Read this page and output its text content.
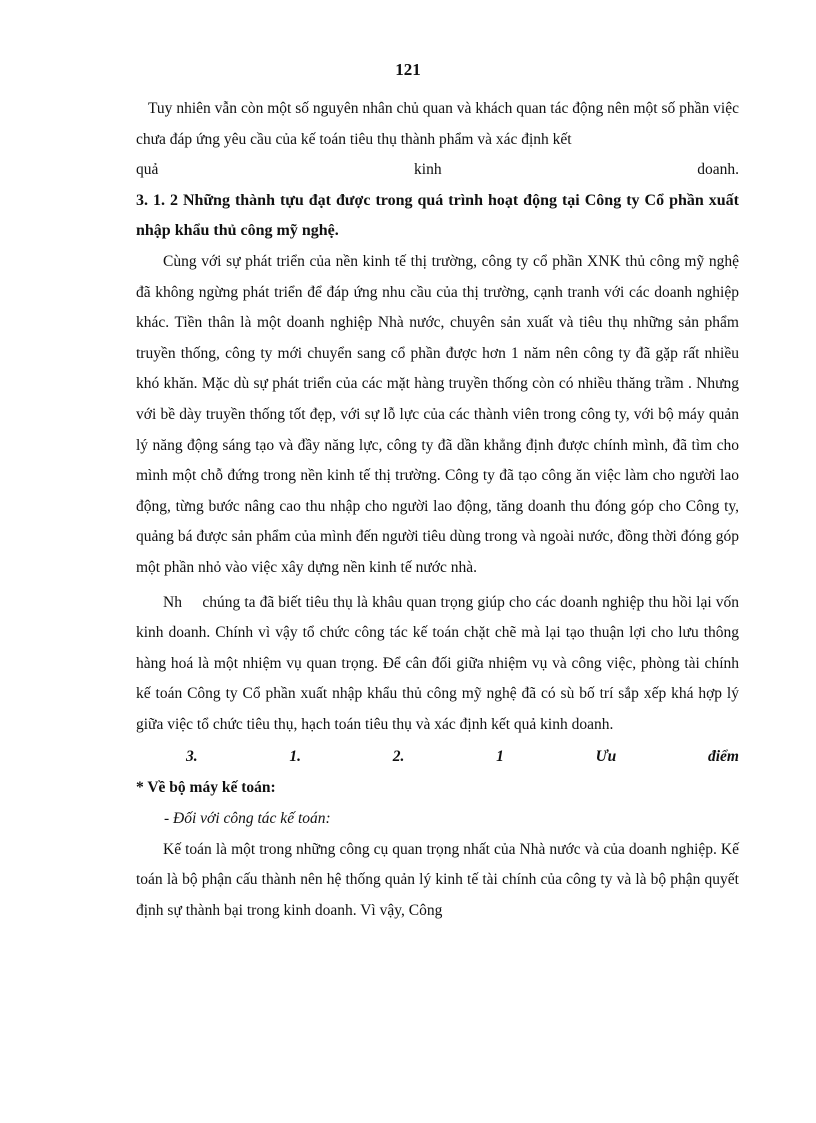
121

Tuy nhiên vẫn còn một số nguyên nhân chủ quan và khách quan tác động nên một số phần việc chưa đáp ứng yêu cầu của kế toán tiêu thụ thành phẩm và xác định kết

quả	kinh	doanh.

3. 1. 2 Những thành tựu đạt được trong quá trình hoạt động tại Công ty Cổ phần xuất nhập khẩu thủ công mỹ nghệ.

Cùng với sự phát triển của nền kinh tế thị trường, công ty cổ phần XNK thủ công mỹ nghệ đã không ngừng phát triển để đáp ứng nhu cầu của thị trường, cạnh tranh với các doanh nghiệp khác. Tiền thân là một doanh nghiệp Nhà nước, chuyên sản xuất và tiêu thụ những sản phẩm truyền thống, công ty mới chuyển sang cổ phần được hơn 1 năm nên công ty đã gặp rất nhiều khó khăn. Mặc dù sự phát triển của các mặt hàng truyền thống còn có nhiều thăng trầm . Nhưng với bề dày truyền thống tốt đẹp, với sự lỗ lực của các thành viên trong công ty, với bộ máy quản lý năng động sáng tạo và đầy năng lực, công ty đã dần khẳng định được chính mình, đã tìm cho mình một chỗ đứng trong nền kinh tế thị trường. Công ty đã tạo công ăn việc làm cho người lao động, từng bước nâng cao thu nhập cho người lao động, tăng doanh thu đóng góp cho Công ty, quảng bá được sản phẩm của mình đến người tiêu dùng trong và ngoài nước, đồng thời đóng góp một phần nhỏ vào việc xây dựng nền kinh tế nước nhà.

Nh     chúng ta đã biết tiêu thụ là khâu quan trọng giúp cho các doanh nghiệp thu hồi lại vốn kinh doanh. Chính vì vậy tổ chức công tác kế toán chặt chẽ mà lại tạo thuận lợi cho lưu thông hàng hoá là một nhiệm vụ quan trọng. Để cân đối giữa nhiệm vụ và công việc, phòng tài chính kế toán Công ty Cổ phần xuất nhập khẩu thủ công mỹ nghệ đã có sù bố trí sắp xếp khá hợp lý giữa việc tổ chức tiêu thụ, hạch toán tiêu thụ và xác định kết quả kinh doanh.

3.	1.	2.	1	Ưu	điểm

* Về bộ máy kế toán:

- Đối với công tác kế toán:

Kế toán là một trong những công cụ quan trọng nhất của Nhà nước và của doanh nghiệp. Kế toán là bộ phận cấu thành nên hệ thống quản lý kinh tế tài chính của công ty và là bộ phận quyết định sự thành bại trong kinh doanh. Vì vậy, Công
